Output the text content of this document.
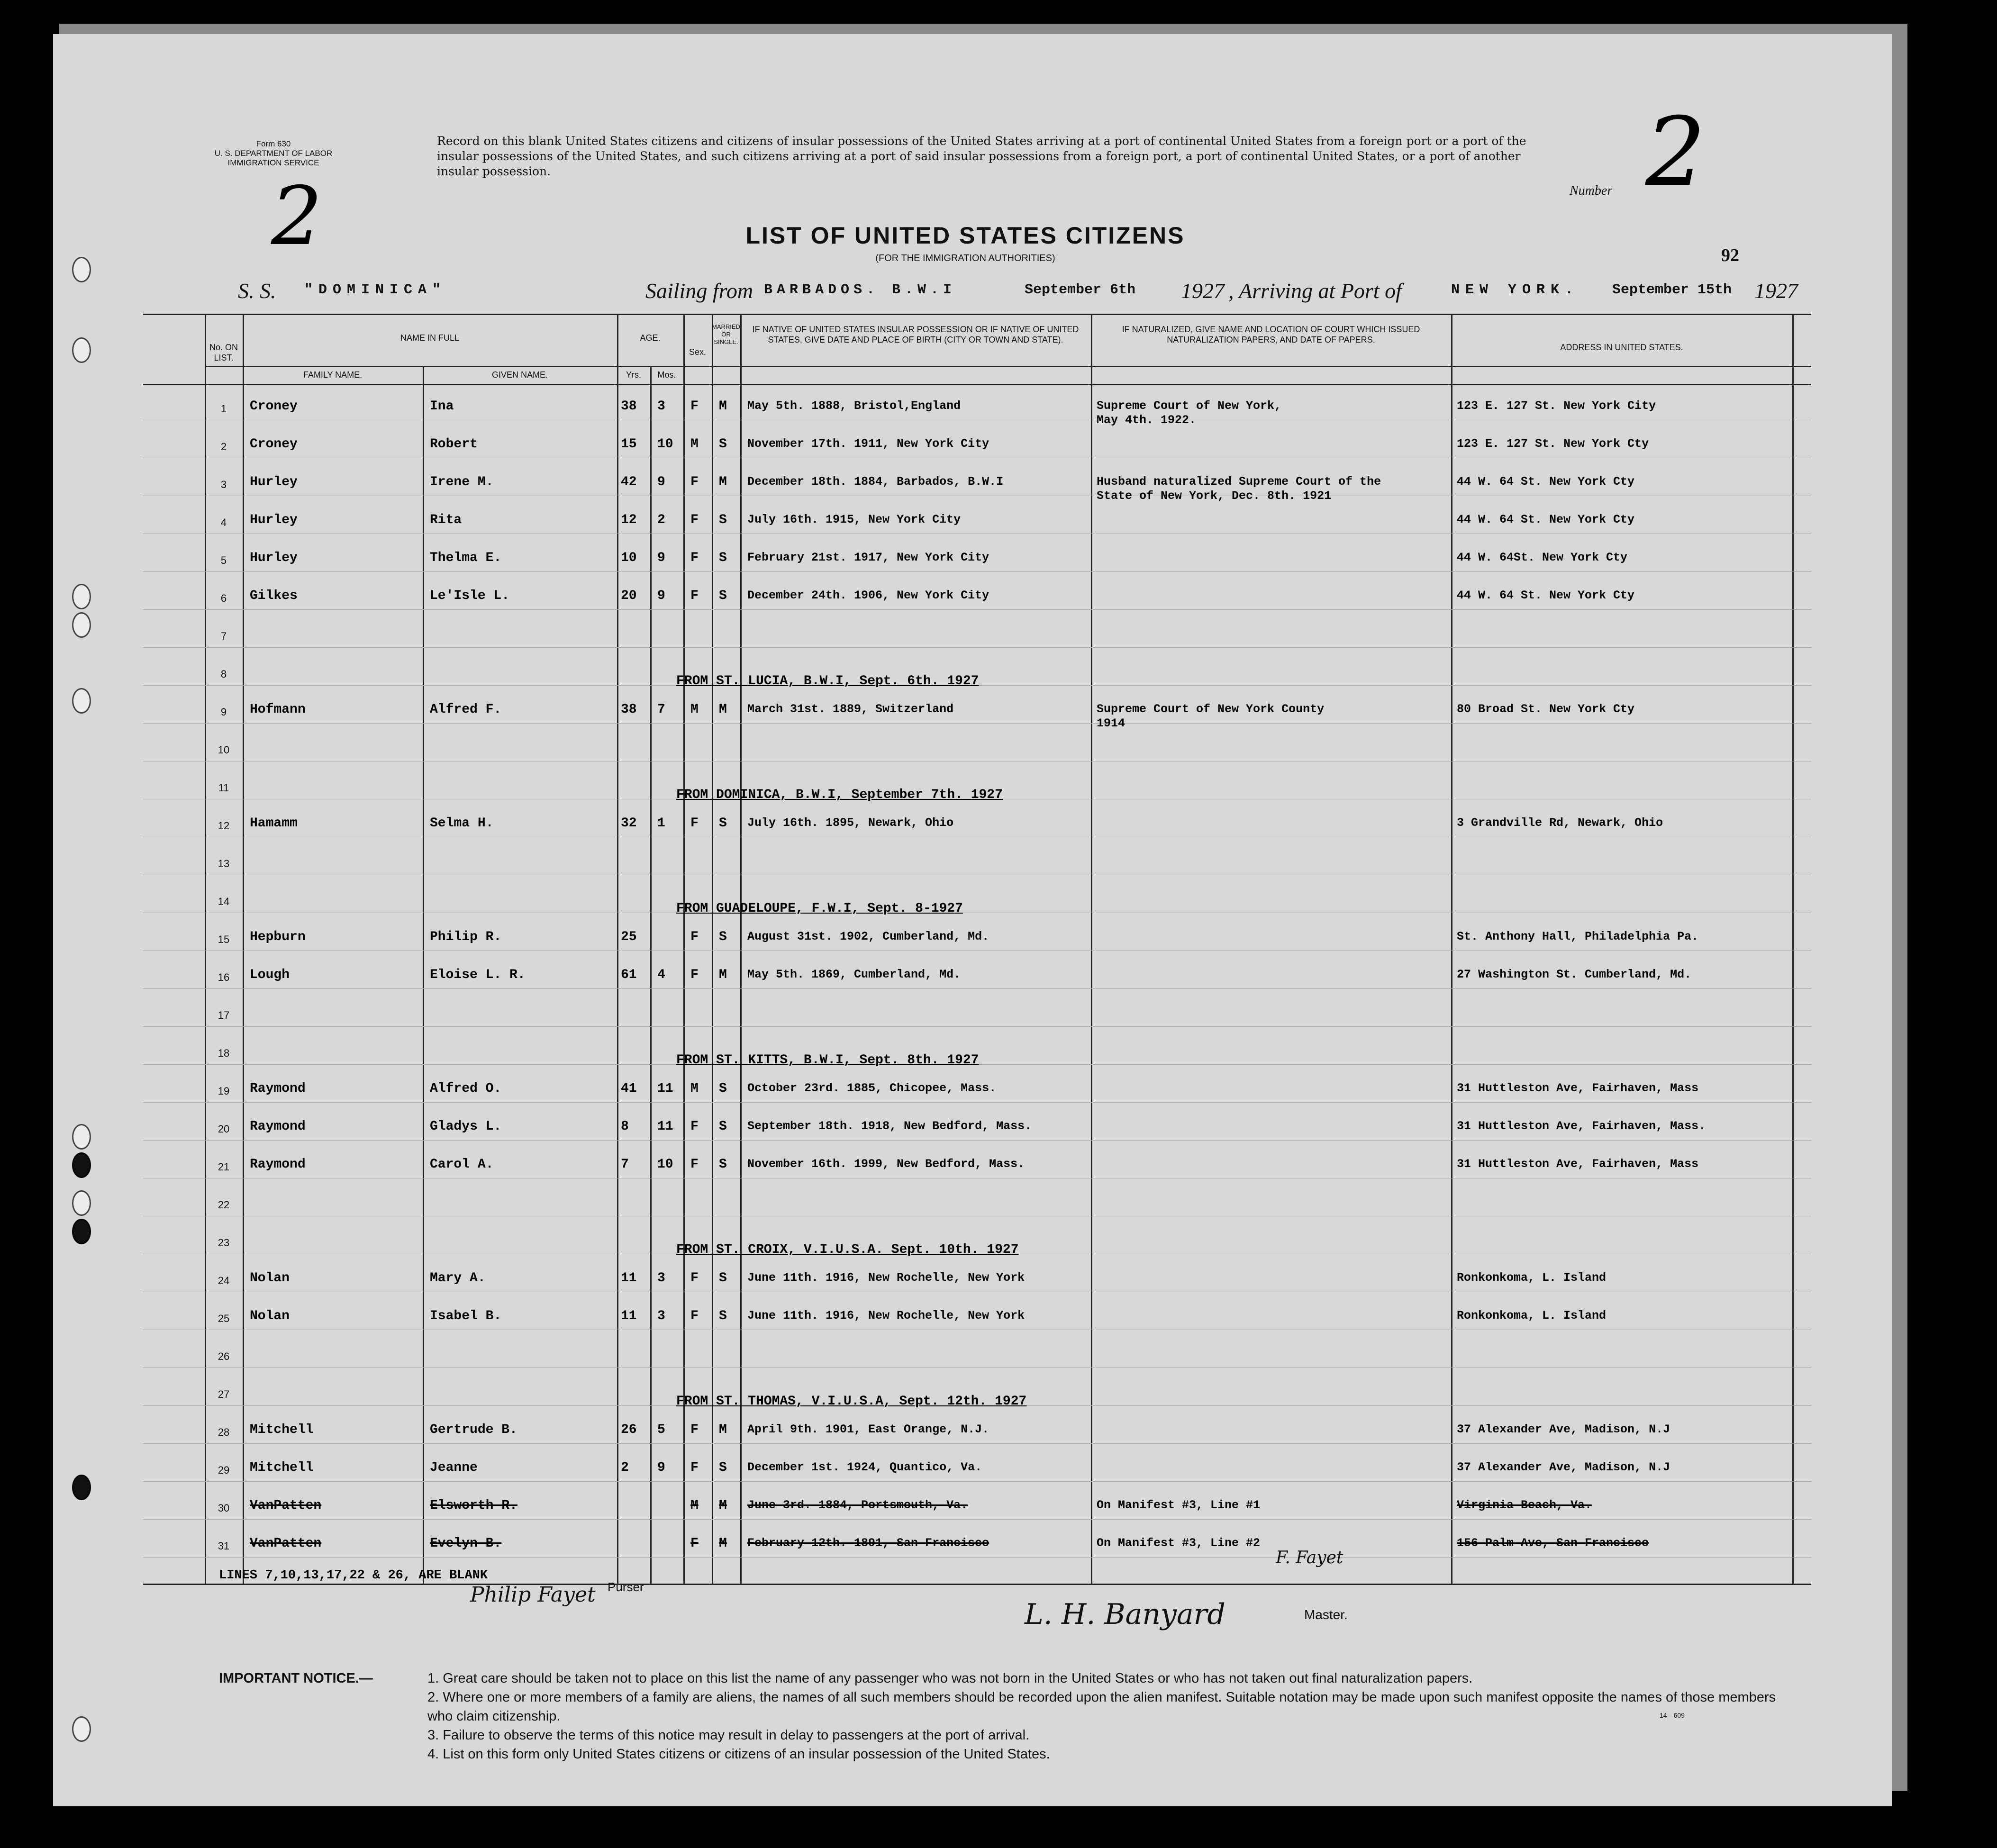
Form 630
U. S. DEPARTMENT OF LABOR
IMMIGRATION SERVICE
2
Record on this blank United States citizens and citizens of insular possessions of the United States arriving at a port of continental United States from a foreign port or a port of the insular possessions of the United States, and such citizens arriving at a port of said insular possessions from a foreign port, a port of continental United States, or a port of another insular possession.
Number 2
LIST OF UNITED STATES CITIZENS
(FOR THE IMMIGRATION AUTHORITIES)	92
S. S. "DOMINICA"	Sailing from BARBADOS. B.W.I	September 6th 1927 , Arriving at Port of	NEW YORK. September 15th 1927
No. ON LIST.
NAME IN FULL
FAMILY NAME.	GIVEN NAME.
AGE.
Yrs.	Mos.
Sex.
MARRIED OR SINGLE.
IF NATIVE OF UNITED STATES INSULAR POSSESSION OR IF NATIVE OF UNITED STATES, GIVE DATE AND PLACE OF BIRTH (CITY OR TOWN AND STATE).
IF NATURALIZED, GIVE NAME AND LOCATION OF COURT WHICH ISSUED NATURALIZATION PAPERS, AND DATE OF PAPERS.
ADDRESS IN UNITED STATES.
1	Croney	Ina	38 3 F M May 5th. 1888, Bristol,England	Supreme Court of New York,	123 E. 127 St. New York City
May 4th. 1922.
2	Croney	Robert	15 10 M S November 17th. 1911, New York City	123 E. 127 St. New York Cty
3	Hurley	Irene M.	42 9 F M December 18th. 1884, Barbados, B.W.I	Husband naturalized Supreme Court of the	44 W. 64 St. New York Cty
State of New York, Dec. 8th. 1921
4	Hurley	Rita	12 2 F S July 16th. 1915, New York City	44 W. 64 St. New York Cty
5	Hurley	Thelma E.	10 9 F S February 21st. 1917, New York City	44 W. 64St. New York Cty
6	Gilkes	Le'Isle L.	20 9 F S December 24th. 1906, New York City	44 W. 64 St. New York Cty
7
8	FROM ST. LUCIA, B.W.I, Sept. 6th. 1927
9	Hofmann	Alfred F.	38 7 M M March 31st. 1889, Switzerland	Supreme Court of New York County	80 Broad St. New York Cty
1914
10
11	FROM DOMINICA, B.W.I, September 7th. 1927
12	Hamamm	Selma H.	32 1 F S July 16th. 1895, Newark, Ohio	3 Grandville Rd, Newark, Ohio
13
14	FROM GUADELOUPE, F.W.I, Sept. 8-1927
15	Hepburn	Philip R.	25	F S August 31st. 1902, Cumberland, Md.	St. Anthony Hall, Philadelphia Pa.
16	Lough	Eloise L. R.	61 4 F M May 5th. 1869, Cumberland, Md.	27 Washington St. Cumberland, Md.
17
18	FROM ST. KITTS, B.W.I, Sept. 8th. 1927
19	Raymond	Alfred O.	41 11 M S October 23rd. 1885, Chicopee, Mass.	31 Huttleston Ave, Fairhaven, Mass
20	Raymond	Gladys L.	8 11 F S September 18th. 1918, New Bedford, Mass.	31 Huttleston Ave, Fairhaven, Mass.
21	Raymond	Carol A.	7 10 F S November 16th. 1999, New Bedford, Mass.	31 Huttleston Ave, Fairhaven, Mass
22
23	FROM ST. CROIX, V.I.U.S.A. Sept. 10th. 1927
24	Nolan	Mary A.	11 3 F S June 11th. 1916, New Rochelle, New York	Ronkonkoma, L. Island
25	Nolan	Isabel B.	11 3 F S June 11th. 1916, New Rochelle, New York	Ronkonkoma, L. Island
26
27	FROM ST. THOMAS, V.I.U.S.A, Sept. 12th. 1927
28	Mitchell	Gertrude B.	26 5 F M April 9th. 1901, East Orange, N.J.	37 Alexander Ave, Madison, N.J
29	Mitchell	Jeanne	2 9 F S December 1st. 1924, Quantico, Va.	37 Alexander Ave, Madison, N.J
30	VanPatten	Elsworth R.	M M June 3rd. 1884, Portsmouth, Va.	On Manifest #3, Line #1	Virginia Beach, Va.
31	VanPatten	Evelyn B.	F M February 12th. 1891, San Francisco	On Manifest #3, Line #2	156 Palm Ave, San Francisco
LINES 7,10,13,17,22 & 26, ARE BLANK
Philip Fayet Purser
L. H. Banyard	Master.
F. Fayet
IMPORTANT NOTICE.—	1. Great care should be taken not to place on this list the name of any passenger who was not born in the United States or who has not taken out final naturalization papers.
2. Where one or more members of a family are aliens, the names of all such members should be recorded upon the alien manifest. Suitable notation may be made upon such manifest opposite the names of those members who claim citizenship.
3. Failure to observe the terms of this notice may result in delay to passengers at the port of arrival.
4. List on this form only United States citizens or citizens of an insular possession of the United States.
14—609
